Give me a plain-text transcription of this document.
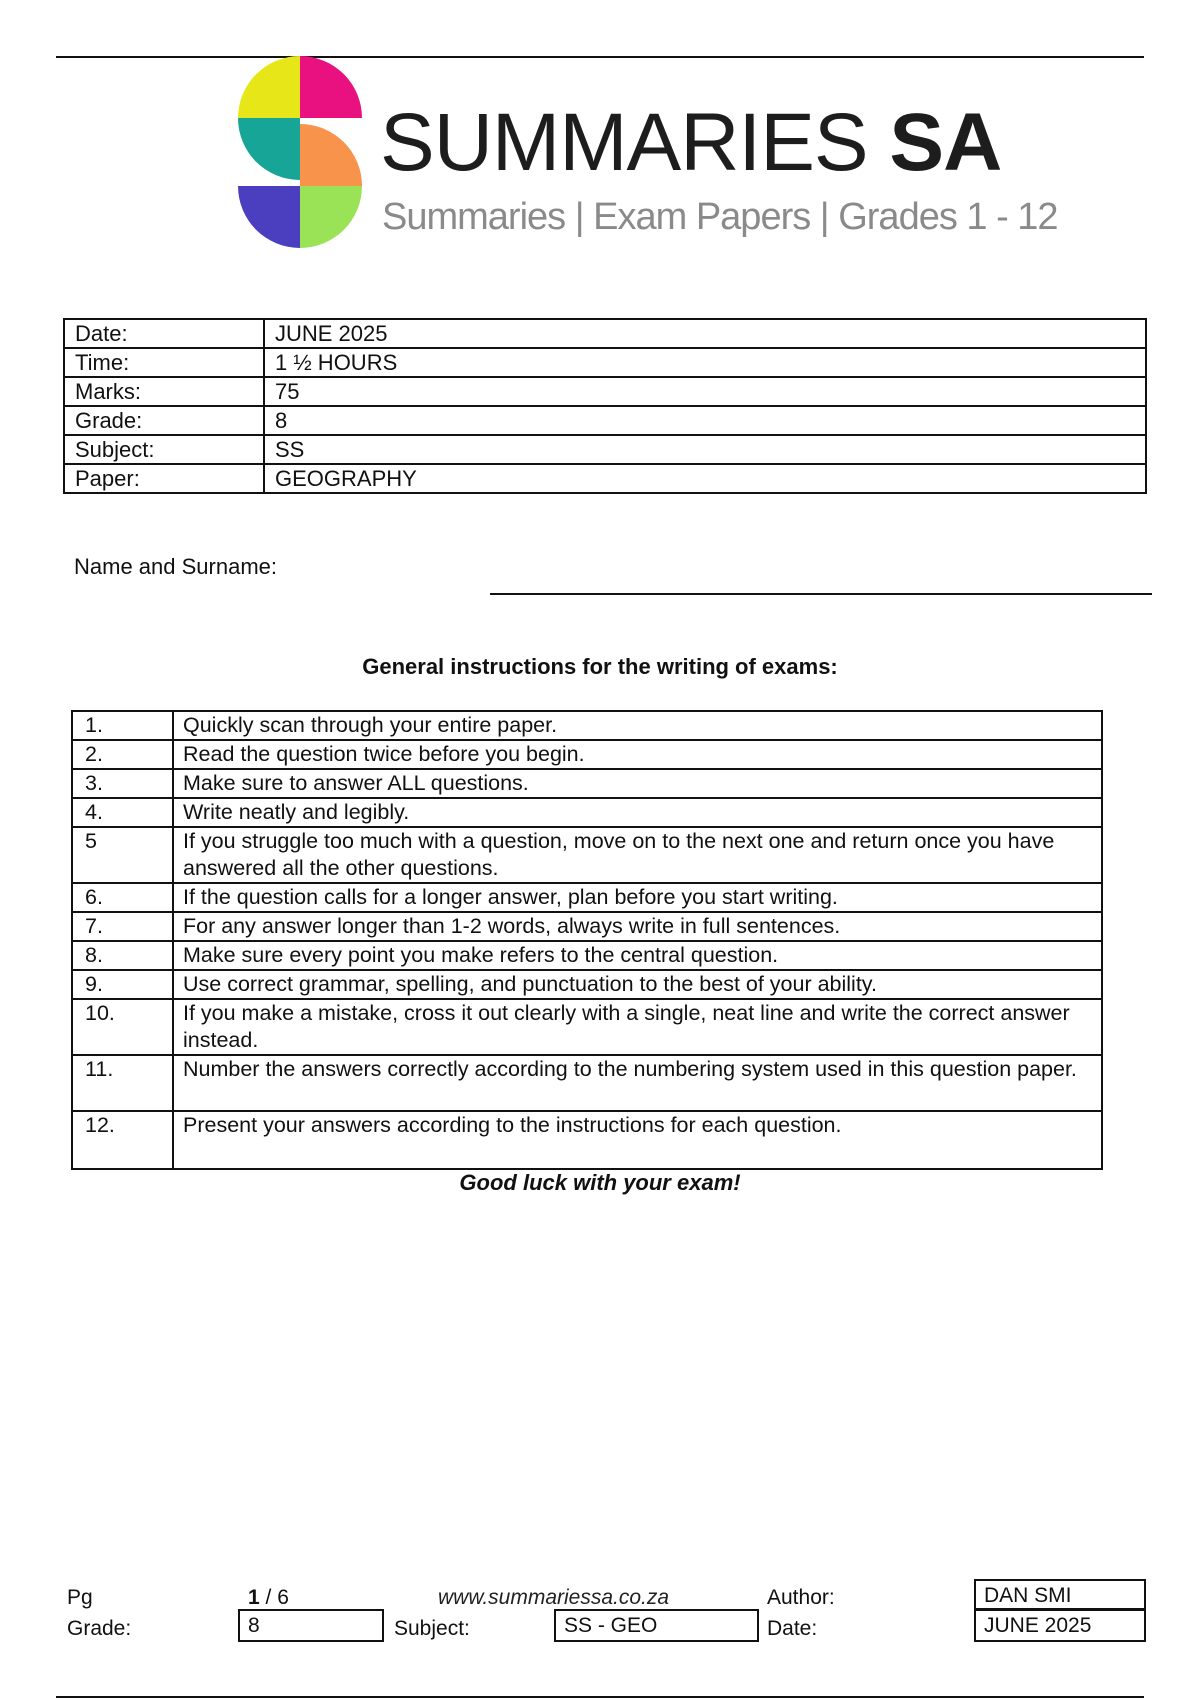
SUMMARIES SA
Summaries | Exam Papers | Grades 1 - 12
Date:	JUNE 2025
Time:	1 ½ HOURS
Marks:	75
Grade:	8
Subject:	SS
Paper:	GEOGRAPHY
Name and Surname:
General instructions for the writing of exams:
1.	Quickly scan through your entire paper.
2.	Read the question twice before you begin.
3.	Make sure to answer ALL questions.
4.	Write neatly and legibly.
5	If you struggle too much with a question, move on to the next one and return once you have answered all the other questions.
6.	If the question calls for a longer answer, plan before you start writing.
7.	For any answer longer than 1-2 words, always write in full sentences.
8.	Make sure every point you make refers to the central question.
9.	Use correct grammar, spelling, and punctuation to the best of your ability.
10.	If you make a mistake, cross it out clearly with a single, neat line and write the correct answer instead.
11.	Number the answers correctly according to the numbering system used in this question paper.
12.	Present your answers according to the instructions for each question.
Good luck with your exam!
Pg	1 / 6	www.summariessa.co.za	Author:	DAN SMI
Grade:	8	Subject:	SS - GEO	Date:	JUNE 2025
